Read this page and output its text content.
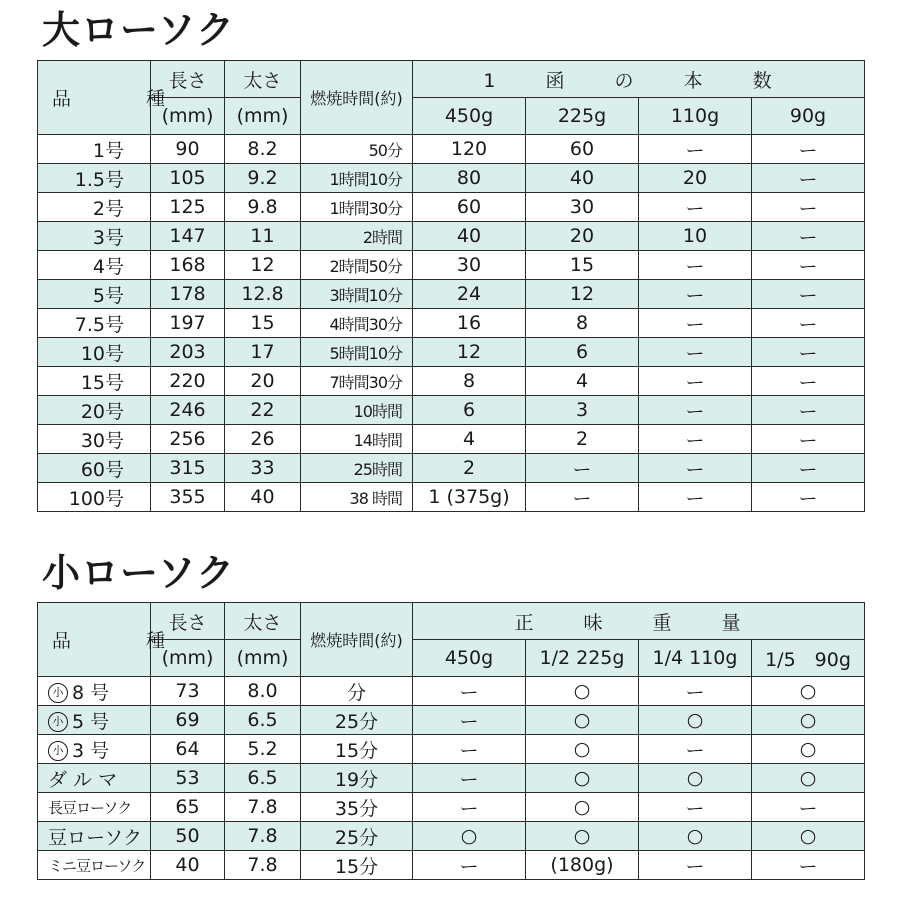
大ローソク
品　種	長さ	太さ	燃焼時間(約)	1 函 の 本 数			
	(mm)	(mm)		450g	225g	110g	90g
1号	90	8.2	50分	120	60	ー	ー
1.5号	105	9.2	1時間10分	80	40	20	ー
2号	125	9.8	1時間30分	60	30	ー	ー
3号	147	11	2時間	40	20	10	ー
4号	168	12	2時間50分	30	15	ー	ー
5号	178	12.8	3時間10分	24	12	ー	ー
7.5号	197	15	4時間30分	16	8	ー	ー
10号	203	17	5時間10分	12	6	ー	ー
15号	220	20	7時間30分	8	4	ー	ー
20号	246	22	10時間	6	3	ー	ー
30号	256	26	14時間	4	2	ー	ー
60号	315	33	25時間	2	ー	ー	ー
100号	355	40	38 時間	1 (375g)	ー	ー	ー
小ローソク
品　種	長さ	太さ	燃焼時間(約)	正 味 重 量			
	(mm)	(mm)		450g	1/2 225g	1/4 110g	1/5　90g
小 8 号	73	8.0	分	ー	○	ー	○
小 5 号	69	6.5	25分	ー	○	○	○
小 3 号	64	5.2	15分	ー	○	ー	○
ダ ル マ	53	6.5	19分	ー	○	○	○
長豆ローソク	65	7.8	35分	ー	○	ー	ー
豆ローソク	50	7.8	25分	○	○	○	○
ミニ豆ローソク	40	7.8	15分	ー	(180g)	ー	ー
